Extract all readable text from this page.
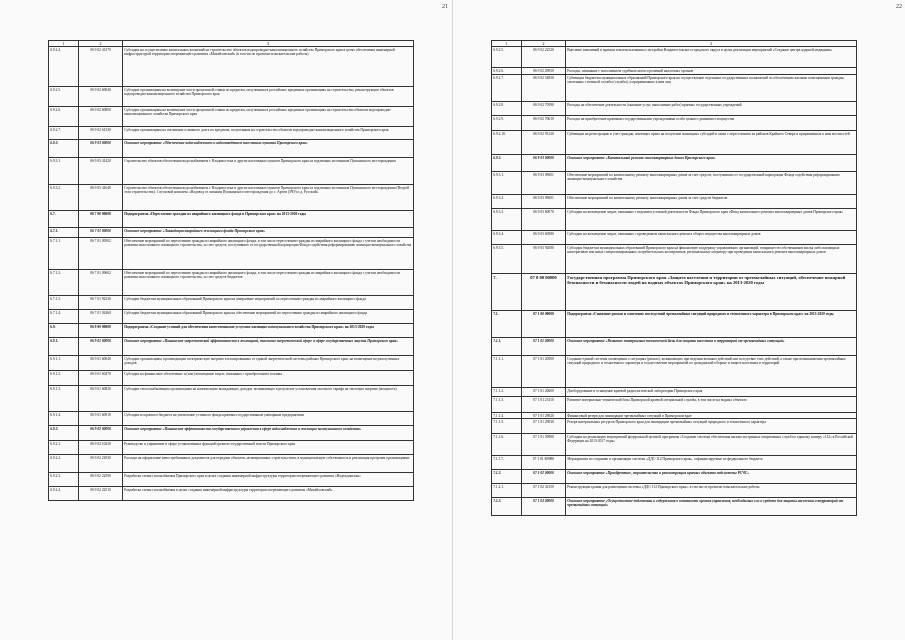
21
1	2	3
6.9.2.4.	06 9 02 41370	Субсидии на осуществление капитальных вложений на строительство объектов водопроводно-канализационного хозяйства Приморского края в целях обеспечения инженерной инфраструктурой территории опережающего развития «Михайловский» (в том числе проектно-изыскательские работы)
6.9.2.5.	06 9 02 60040	Субсидии организациям на возмещение части процентной ставки по кредитам, полученным в российских кредитных организациях на строительство, реконструкцию объектов водопроводно-канализационного хозяйства Приморского края
6.9.2.6.	06 9 02 60800	Субсидии организациям на возмещение части процентной ставки по кредитам, полученным в российских кредитных организациях на строительство объектов водопроводно-канализационного хозяйства Приморского края
6.9.2.7.	06 9 02 61330	Субсидии организациям на погашение основного долга по кредитам, полученным на строительство объектов водопроводно-канализационного хозяйства Приморского края
6.9.3.	06 9 03 00000	Основное мероприятие «Обеспечение водоснабжением и водоотведением населенных пунктов Приморского края»
6.9.3.1.	06 9 03 41420	Строительство объектов обеспечения водоснабжением г. Владивостока и других населенных пунктов Приморского края из подземных источников Пушкинского месторождения
6.9.3.2.	06 9 03 41640	Строительство объектов обеспечения водоснабжением г. Владивостока и других населенных пунктов Приморского края из подземных источников Пушкинского месторождения (Второй этап строительства). 1 пусковой комплекс «Водовод от скважин Пушкинского месторождения до с. Артем (ЗЧЭ) и д. Русский»
6.7.	06 7 00 00000	Подпрограмма «Переселение граждан из аварийного жилищного фонда в Приморском крае» на 2013-2020 годы
6.7.1.	06 7 01 00000	Основное мероприятие «Ликвидация аварийного жилищного фонда Приморского края»
6.7.1.1.	06 7 01 09502	Обеспечение мероприятий по переселению граждан из аварийного жилищного фонда, в том числе переселению граждан из аварийного жилищного фонда с учетом необходимости развития малоэтажного жилищного строительства, за счет средств, поступивших от государственной корпорации Фонда содействия реформированию жилищно-коммунального хозяйства
6.7.1.2.	06 7 01 09602	Обеспечение мероприятий по переселению граждан из аварийного жилищного фонда, в том числе переселению граждан из аварийного жилищного фонда с учетом необходимости развития малоэтажного жилищного строительства, за счет средств бюджетов
6.7.1.3.	06 7 01 92330	Субсидии бюджетам муниципальных образований Приморского края на завершение мероприятий по переселению граждан из аварийного жилищного фонда
6.7.1.4.	06 7 01 92460	Субсидии бюджетам муниципальных образований Приморского края на обеспечение мероприятий по переселению граждан из аварийного жилищного фонда
6.9.	06 9 00 00000	Подпрограмма «Создание условий для обеспечения качественными услугами жилищно-коммунального хозяйства Приморского края» на 2013-2020 годы
6.9.1.	06 9 01 00000	Основное мероприятие «Повышение энергетической эффективности в жилищной, топливно-энергетической сфере и сфере государственных закупок Приморского края»
6.9.1.1.	06 9 01 60040	Субсидии организациям, производящим электрическую энергию в изолированных от единой энергетической системы районах Приморского края, на возмещение недополученных доходов
6.9.1.2.	06 9 01 60470	Субсидии на финансовое обеспечение и (или) возмещение затрат, связанных с приобретением топлива
6.9.1.3.	06 9 01 60820	Субсидии теплоснабжающим организациям на компенсацию выпадающих доходов, возникающих в результате установления льготного тарифа на тепловую энергию (мощность)
6.9.1.4.	06 9 01 60910	Субсидии из краевого бюджета на увеличение уставного фонда краевым государственным унитарным предприятиям
6.9.2.	06 9 02 00000	Основное мероприятие «Повышение эффективности государственного управления в сфере водоснабжения и жилищно-коммунального хозяйства»
6.9.2.1.	06 9 02 10230	Руководство и управление в сфере установленных функций органов государственной власти Приморского края
6.9.2.2.	06 9 02 21830	Расходы на оформление невостребованных документов для передачи объектов, незавершенных строительством, в муниципальную собственность и реализация программ организациями
6.9.2.3.	06 9 02 22500	Разработка схемы газоснабжения Приморского края в целях создания инженерной инфраструктуры территории опережающего развития «Надеждинская»
6.9.2.4.	06 9 02 22510	Разработка схемы газоснабжения в целях создания инженерной инфраструктуры территории опережающего развития «Михайловский»
22
1	2	3
6.9.2.5.	06 9 02 22520	Внесение изменений в правила землепользования и застройки Владивостокского городского округа в целях реализации мероприятий «Создание центра ядерной медицины»
6.9.2.6.	06 9 02 29050	Расходы, связанные с исполнением судебных актов и решений налоговых органов
6.9.2.7.	06 9 02 54850	Субвенции бюджетам муниципальных образований Приморского края на осуществление отдельных государственных полномочий по обеспечению жилыми помещениями граждан, уволенных с военной службы (службы), и приравненных к ним лиц
6.9.2.8.	06 9 02 70590	Расходы на обеспечение деятельности (оказание услуг, выполнение работ) краевых государственных учреждений
6.9.2.9.	06 9 02 70610	Расходы на приобретение краевыми государственными учреждениями особо ценного движимого имущества
6.9.2.10.	06 9 02 93120	Субвенции на регистрацию и учет граждан, имеющих право на получение жилищных субсидий в связи с переселением из районов Крайнего Севера и приравненных к ним местностей
6.9.3.	06 9 03 00000	Основное мероприятие «Капитальный ремонт многоквартирных домов Приморского края»
6.9.3.1.	06 9 03 09601	Обеспечение мероприятий по капитальному ремонту многоквартирных домов за счет средств, поступивших от государственной корпорации Фонда содействия реформированию жилищно-коммунального хозяйства
6.9.3.2.	06 9 03 09601	Обеспечение мероприятий по капитальному ремонту многоквартирных домов за счет средств бюджетов
6.9.3.3.	06 9 03 60070	Субсидии на возмещение затрат, связанных с ведением уставной деятельности Фонда Приморского края «Фонд капитального ремонта многоквартирных домов Приморского края»
6.9.3.4.	06 9 03 60580	Субсидии на возмещение затрат, связанных с проведением капитального ремонта общего имущества многоквартирных домов
6.9.3.5.	06 9 03 92080	Субсидии бюджетам муниципальных образований Приморского края на финансовую поддержку управляющих организаций, товариществ собственников жилья либо жилищных кооперативов или иных специализированных потребительских кооперативов, региональному оператору при проведении капитального ремонта многоквартирных домов
7.	07 0 00 00000	Государственная программа Приморского края «Защита населения и территории от чрезвычайных ситуаций, обеспечение пожарной безопасности и безопасности людей на водных объектах Приморского края» на 2013-2020 годы
7.1.	07 1 00 00000	Подпрограмма «Снижение рисков и смягчение последствий чрезвычайных ситуаций природного и техногенного характера в Приморском крае» на 2013-2020 годы
7.1.1.	07 1 01 00000	Основное мероприятие «Развитие материально-технической базы для защиты населения и территорий от чрезвычайных ситуаций»
7.1.1.1.	07 1 01 20500	Создание единой системы оповещения о ситуациях (рисках), возникающих при ведении военных действий или вследствие этих действий, а также при возникновении чрезвычайных ситуаций природного и техногенного характера и осуществление мероприятий по гражданской обороне и защите населения и территорий
7.1.1.2.	07 1 01 20600	Дооборудование и оснащение краевой радиологической лаборатории Приморского края
7.1.1.3.	07 1 01 23110	Развитие материально-технической базы Приморской краевой специальной службы, в том числе на водных объектах
7.1.1.4.	07 1 01 29020	Финансовый резерв для ликвидации чрезвычайных ситуаций в Приморском крае
7.1.1.5.	07 1 01 29030	Резерв материальных ресурсов Приморского края для ликвидации чрезвычайных ситуаций природного и техногенного характера
7.1.1.6.	07 1 01 50980	Субсидии на реализацию мероприятий федеральной целевой программы «Создание системы обеспечения вызова экстренных оперативных служб по единому номеру «112» в Российской Федерации на 2013-2017 годы»
7.1.1.7.	07 1 01 R0980	Мероприятия по созданию и организации системы «ДДС-112 Приморского края», софинансируемые из федерального бюджета
7.1.2.	07 1 02 00000	Основное мероприятие «Приобретение, строительство и реконструкция краевых объектов подсистемы РСЧС»
7.1.2.1.	07 1 02 41350	Реконструкция здания для размещения системы «ДДС-112 Приморского края», в том числе проектно-изыскательские работы
7.1.3.	07 1 03 00000	Основное мероприятие «Осуществление подготовки и содержания в готовности органов управления, необходимых сил и средств для защиты населения и территорий от чрезвычайных ситуаций»
